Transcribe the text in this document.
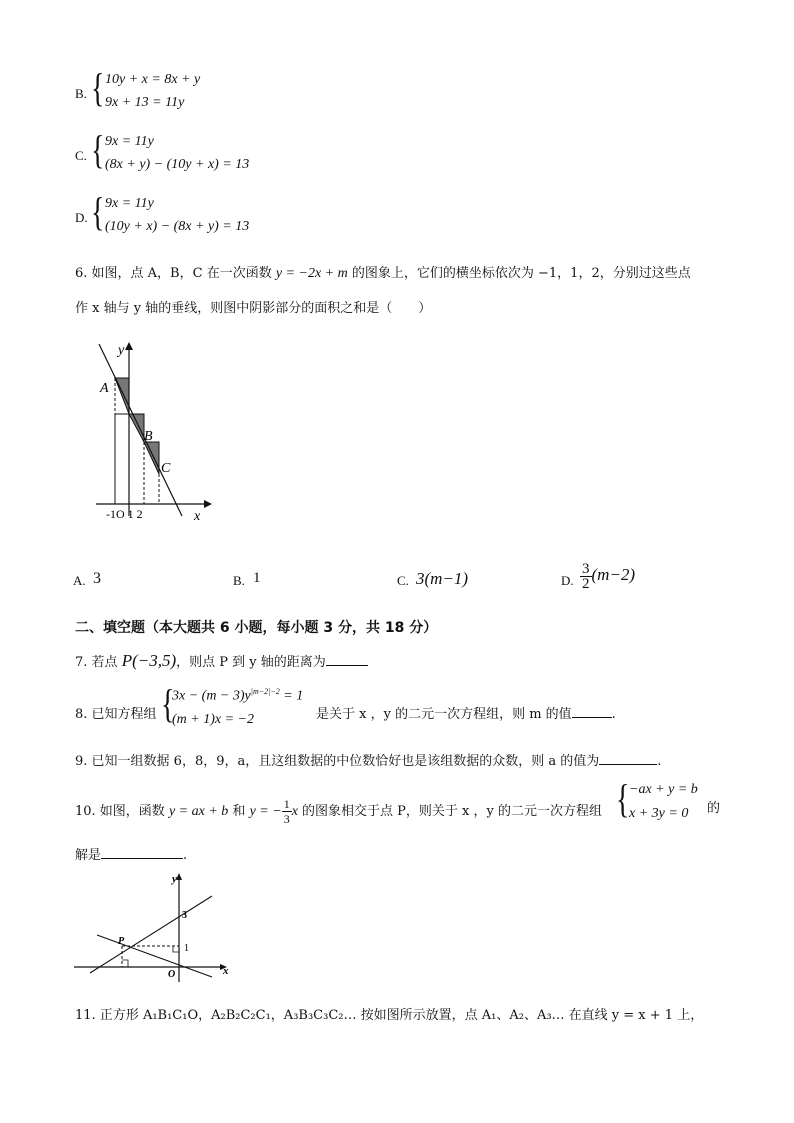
B. { 10y + x = 8x + y
9x + 13 = 11y
C. { 9x = 11y
(8x + y) − (10y + x) = 13
D. { 9x = 11y
(10y + x) − (8x + y) = 13
6. 如图，点 A，B，C 在一次函数 y = −2x + m 的图象上，它们的横坐标依次为 −1，1，2，分别过这些点
作 x 轴与 y 轴的垂线，则图中阴影部分的面积之和是（　　）
y
x
A
B
C
-1O 1 2
A. 3	B. 1	C. 3(m−1)	D. $\frac{3}{2} (m-2)$
二、填空题（本大题共 6 小题，每小题 3 分，共 18 分）
7. 若点 P(−3,5)，则点 P 到 y 轴的距离为
8. 已知方程组 {
$3x - (m - 3)y^{|m-2|-2} = 1$
(m + 1)x = −2	是关于 x ，y 的二元一次方程组，则 m 的值	.
9. 已知一组数据 6，8，9，a，且这组数据的中位数恰好也是该组数据的众数，则 a 的值为	.
10. 如图，函数 y = ax + b 和 y = − $\frac{1}{3}$ x 的图象相交于点 P，则关于 x ，y 的二元一次方程组 { −ax + y = b
x + 3y = 0 的
解是	.
y
x
P
3
1
O
11. 正方形 A₁B₁C₁O，A₂B₂C₂C₁，A₃B₃C₃C₂… 按如图所示放置，点 A₁、A₂、A₃… 在直线 y = x + 1 上，
